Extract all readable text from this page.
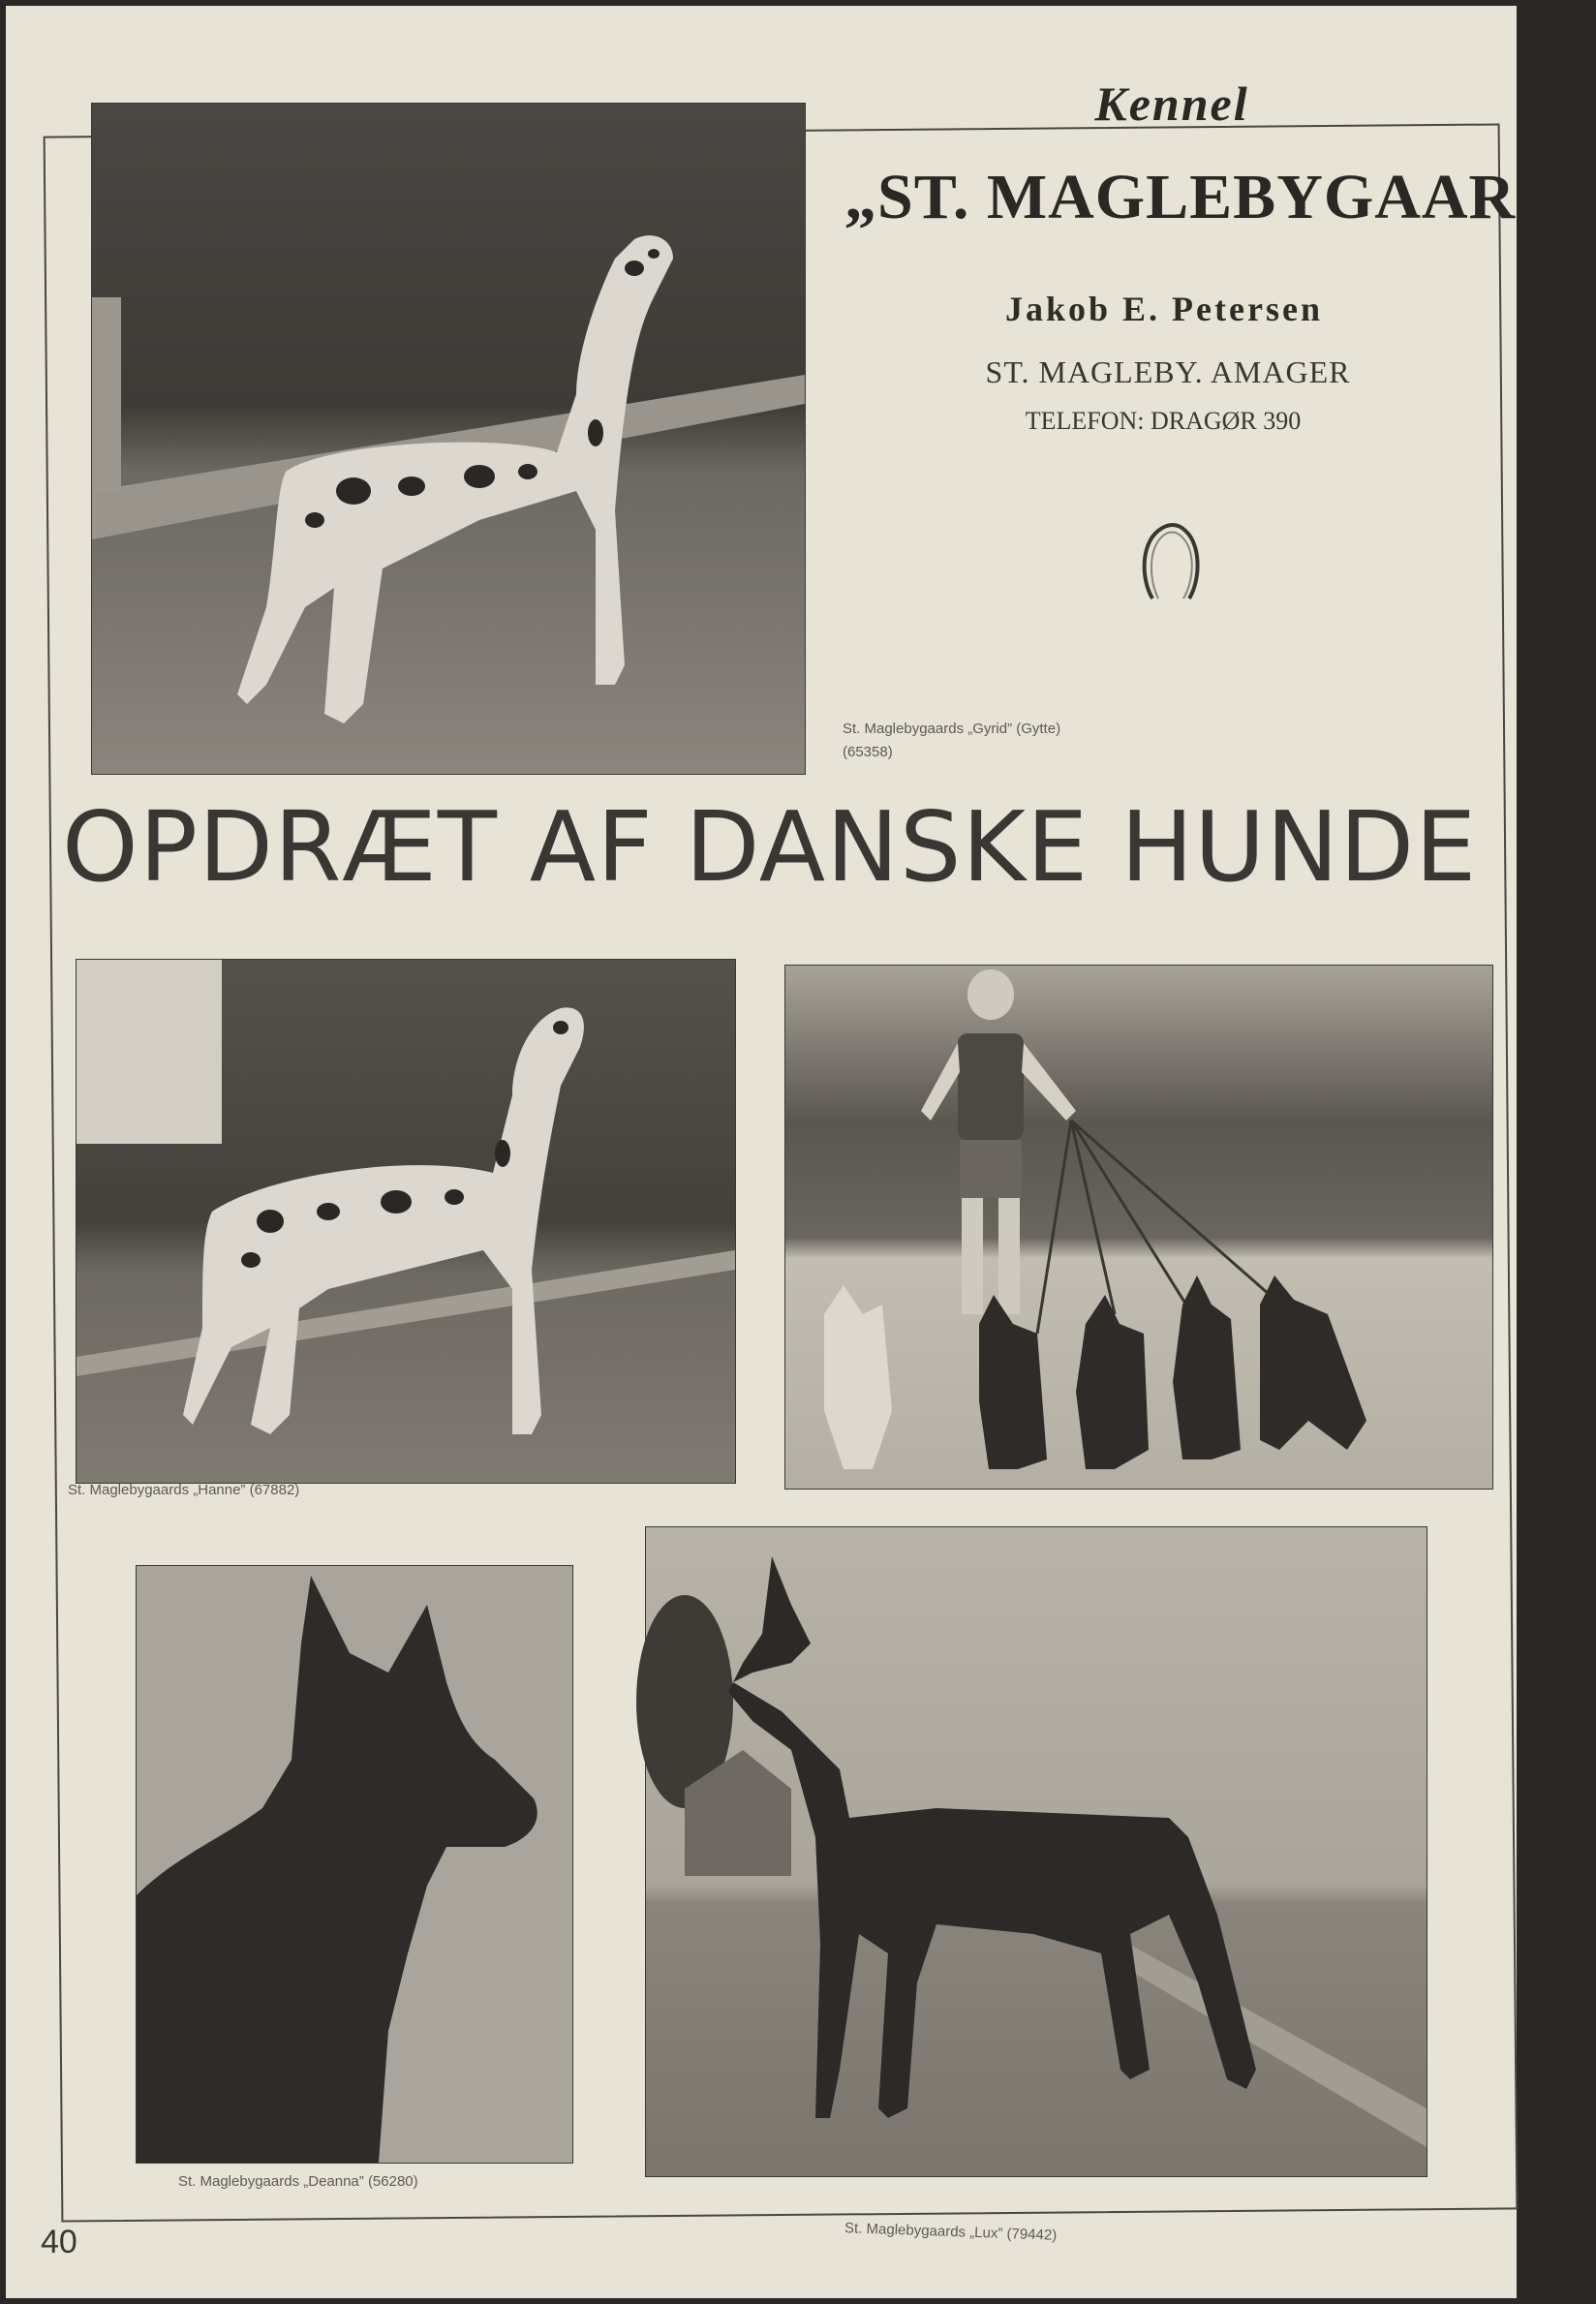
Kennel
„ST. MAGLEBYGAARD”
Jakob E. Petersen
ST. MAGLEBY. AMAGER
TELEFON: DRAGØR 390
St. Maglebygaards „Gyrid” (Gytte)
(65358)
OPDRÆT AF DANSKE HUNDE
St. Maglebygaards „Hanne” (67882)
St. Maglebygaards „Deanna” (56280)
St. Maglebygaards „Lux” (79442)
40
